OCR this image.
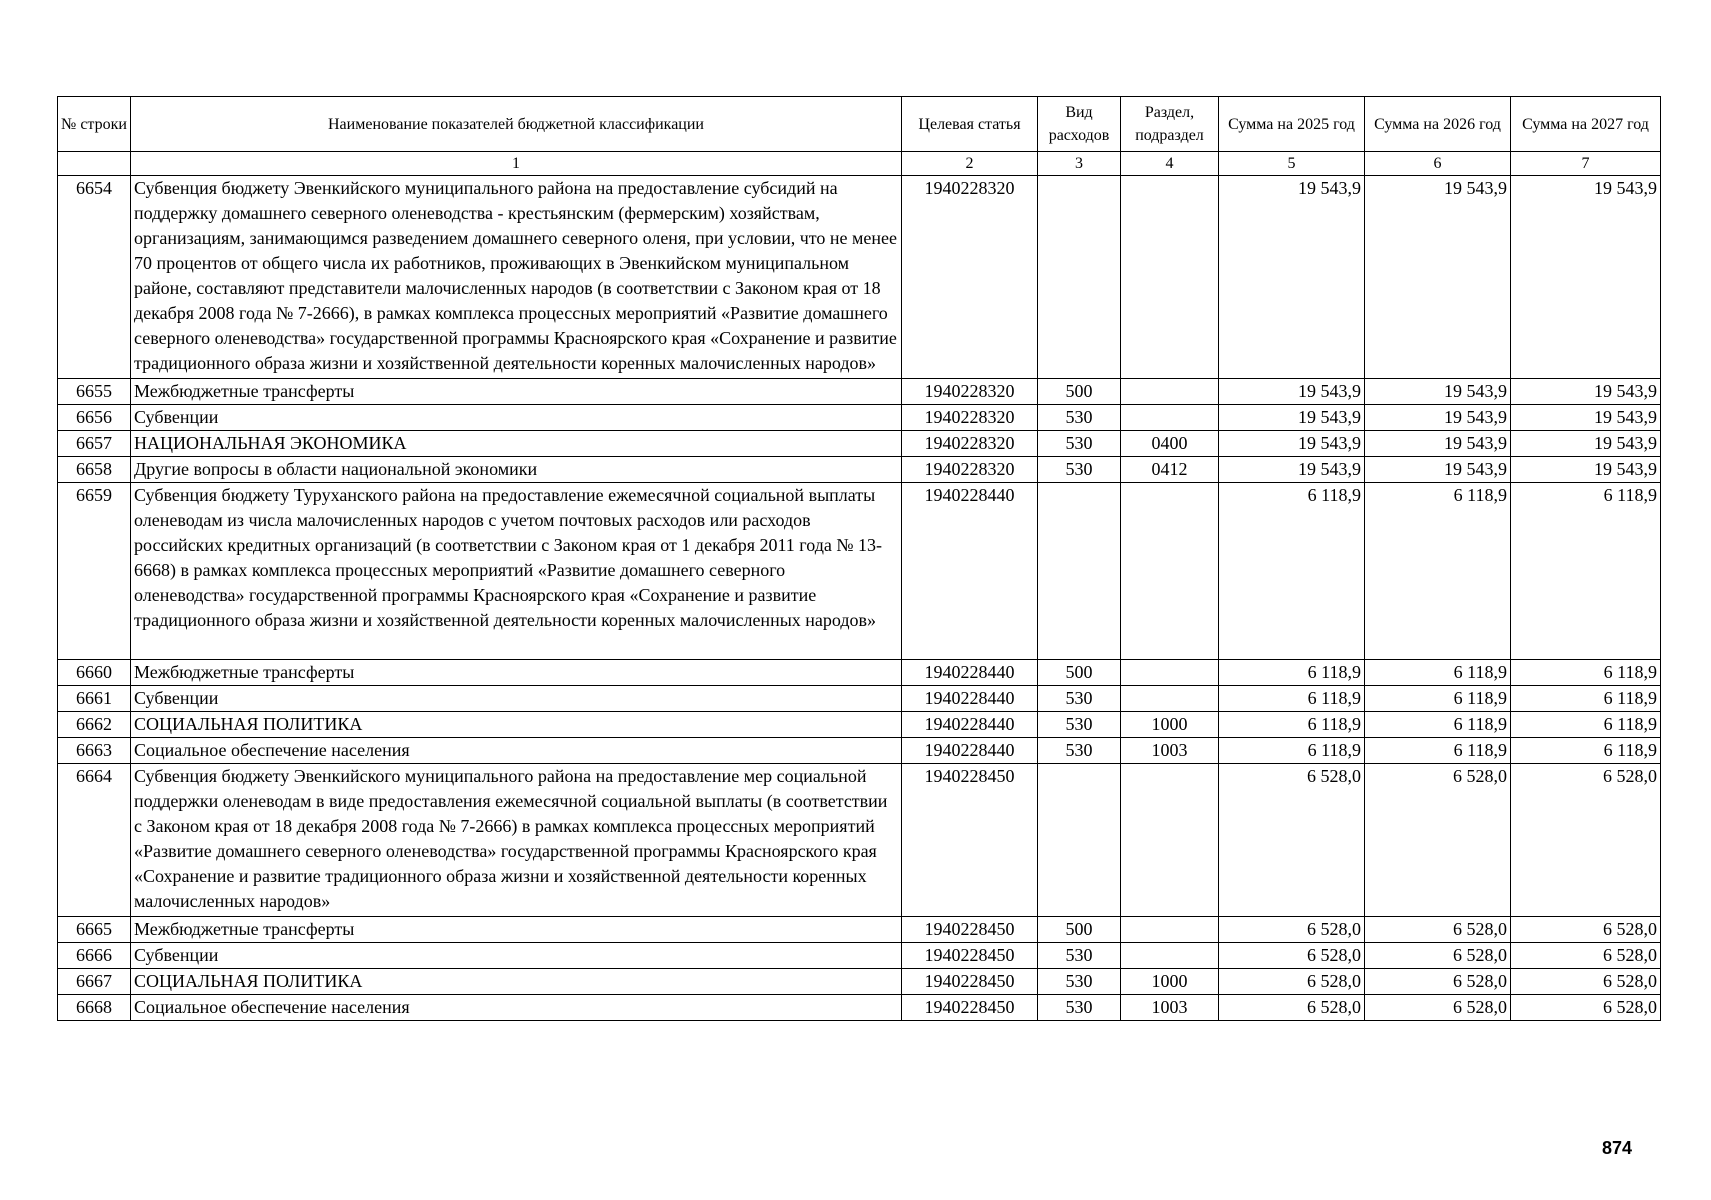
№ строки	Наименование показателей бюджетной классификации	Целевая статья	Вид расходов	Раздел, подраздел	Сумма на 2025 год	Сумма на 2026 год	Сумма на 2027 год
	1	2	3	4	5	6	7
6654	Субвенция бюджету Эвенкийского муниципального района на предоставление субсидий на поддержку домашнего северного оленеводства - крестьянским (фермерским) хозяйствам, организациям, занимающимся разведением домашнего северного оленя, при условии, что не менее 70 процентов от общего числа их работников, проживающих в Эвенкийском муниципальном районе, составляют представители малочисленных народов (в соответствии с Законом края от 18 декабря 2008 года № 7-2666), в рамках комплекса процессных мероприятий «Развитие домашнего северного оленеводства» государственной программы Красноярского края «Сохранение и развитие традиционного образа жизни и хозяйственной деятельности коренных малочисленных народов»	1940228320			19 543,9	19 543,9	19 543,9
6655	Межбюджетные трансферты	1940228320	500		19 543,9	19 543,9	19 543,9
6656	Субвенции	1940228320	530		19 543,9	19 543,9	19 543,9
6657	НАЦИОНАЛЬНАЯ ЭКОНОМИКА	1940228320	530	0400	19 543,9	19 543,9	19 543,9
6658	Другие вопросы в области национальной экономики	1940228320	530	0412	19 543,9	19 543,9	19 543,9
6659	Субвенция бюджету Туруханского района на предоставление ежемесячной социальной выплаты оленеводам из числа малочисленных народов с учетом почтовых расходов или расходов российских кредитных организаций (в соответствии с Законом края от 1 декабря 2011 года № 13-6668) в рамках комплекса процессных мероприятий «Развитие домашнего северного оленеводства» государственной программы Красноярского края «Сохранение и развитие традиционного образа жизни и хозяйственной деятельности коренных малочисленных народов»	1940228440			6 118,9	6 118,9	6 118,9
6660	Межбюджетные трансферты	1940228440	500		6 118,9	6 118,9	6 118,9
6661	Субвенции	1940228440	530		6 118,9	6 118,9	6 118,9
6662	СОЦИАЛЬНАЯ ПОЛИТИКА	1940228440	530	1000	6 118,9	6 118,9	6 118,9
6663	Социальное обеспечение населения	1940228440	530	1003	6 118,9	6 118,9	6 118,9
6664	Субвенция бюджету Эвенкийского муниципального района на предоставление мер социальной поддержки оленеводам в виде предоставления ежемесячной социальной выплаты (в соответствии с Законом края от 18 декабря 2008 года № 7-2666) в рамках комплекса процессных мероприятий «Развитие домашнего северного оленеводства» государственной программы Красноярского края «Сохранение и развитие традиционного образа жизни и хозяйственной деятельности коренных малочисленных народов»	1940228450			6 528,0	6 528,0	6 528,0
6665	Межбюджетные трансферты	1940228450	500		6 528,0	6 528,0	6 528,0
6666	Субвенции	1940228450	530		6 528,0	6 528,0	6 528,0
6667	СОЦИАЛЬНАЯ ПОЛИТИКА	1940228450	530	1000	6 528,0	6 528,0	6 528,0
6668	Социальное обеспечение населения	1940228450	530	1003	6 528,0	6 528,0	6 528,0
874
